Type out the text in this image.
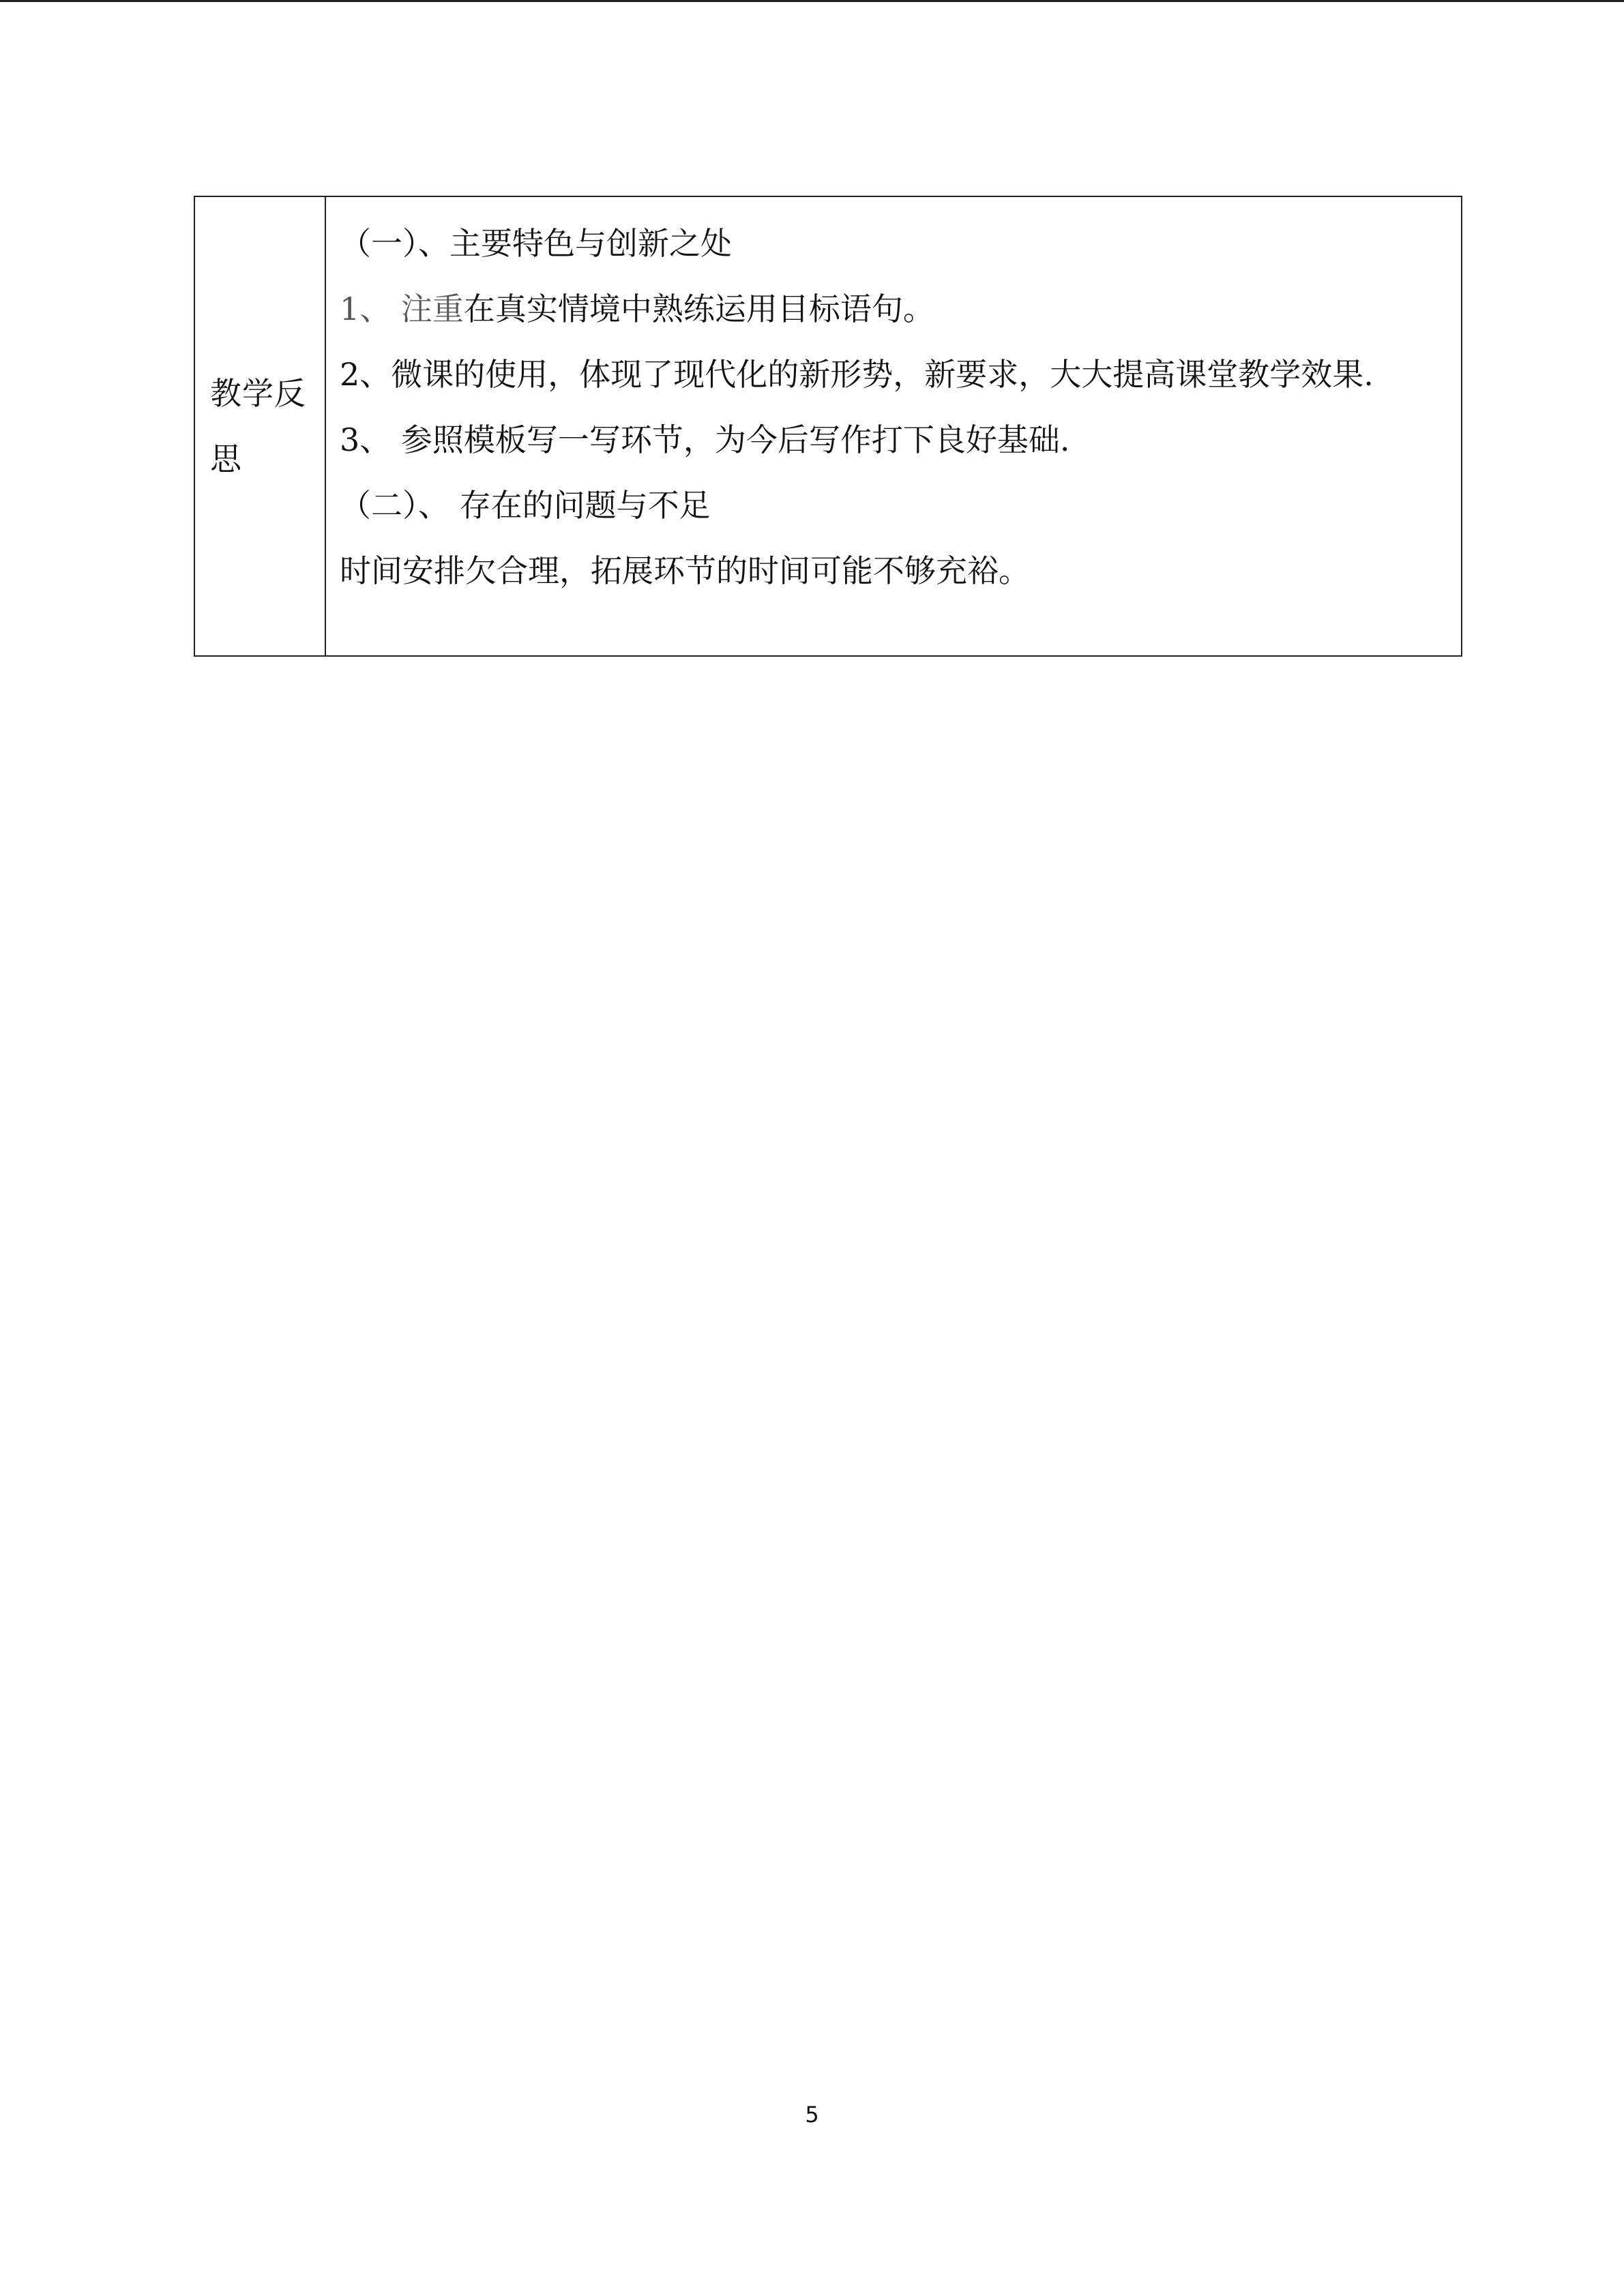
教学反思

（一）、主要特色与创新之处
1、 注重在真实情境中熟练运用目标语句。
2、微课的使用，体现了现代化的新形势，新要求，大大提高课堂教学效果.
3、 参照模板写一写环节，为今后写作打下良好基础.
（二）、 存在的问题与不足
时间安排欠合理，拓展环节的时间可能不够充裕。
5
